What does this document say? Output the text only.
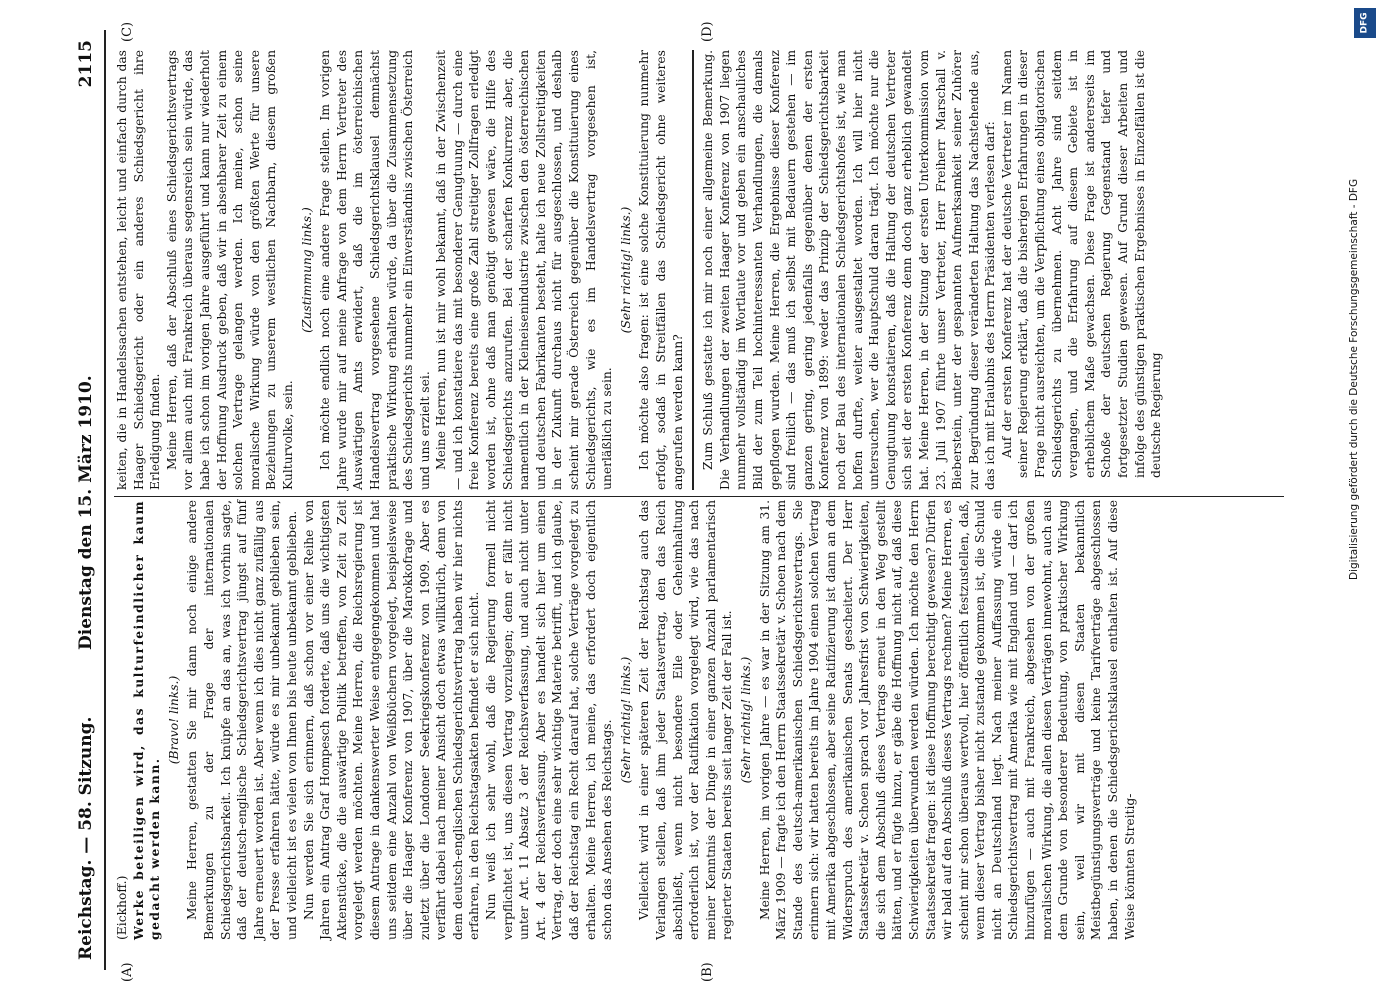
Reichstag. — 58. Sitzung.
Dienstag den 15. März 1910.
2115
(A)	(B)
(C)	(D)

(Eickhoff.) Werke beteiligen wird, das kulturfeindlicher kaum gedacht werden kann.

(Bravo! links.) Meine Herren, gestatten Sie mir dann noch einige andere Bemerkungen zu der Frage der internationalen Schiedsgerichtsbarkeit. Ich knüpfe an das an, was ich vorhin sagte, daß der deutsch-englische Schiedsgerichtsvertrag jüngst auf fünf Jahre erneuert worden ist. Aber wenn ich dies nicht ganz zufällig aus der Presse erfahren hätte, würde es mir unbekannt geblieben sein, und vielleicht ist es vielen von Ihnen bis heute unbekannt geblieben. Nun werden Sie sich erinnern, daß schon vor einer Reihe von Jahren ein Antrag Graf Hompesch forderte, daß uns die wichtigsten Aktenstücke, die die auswärtige Politik betreffen, von Zeit zu Zeit vorgelegt werden möchten. Meine Herren, die Reichsregierung ist diesem Antrage in dankenswerter Weise entgegengekommen und hat uns seitdem eine Anzahl von Weißbüchern vorgelegt, beispielsweise über die Haager Konferenz von 1907, über die Marokkofrage und zuletzt über die Londoner Seekriegskonferenz von 1909. Aber es verfährt dabei nach meiner Ansicht doch etwas willkürlich, denn von dem deutsch-englischen Schiedsgerichtsvertrag haben wir hier nichts erfahren, in den Reichstagsakten befindet er sich nicht. Nun weiß ich sehr wohl, daß die Regierung formell nicht verpflichtet ist, uns diesen Vertrag vorzulegen; denn er fällt nicht unter Art. 11 Absatz 3 der Reichsverfassung, und auch nicht unter Art. 4 der Reichsverfassung. Aber es handelt sich hier um einen Vertrag, der doch eine sehr wichtige Materie betrifft, und ich glaube, daß der Reichstag ein Recht darauf hat, solche Verträge vorgelegt zu erhalten. Meine Herren, ich meine, das erfordert doch eigentlich schon das Ansehen des Reichstags. (Sehr richtig! links.) Vielleicht wird in einer späteren Zeit der Reichstag auch das Verlangen stellen, daß ihm jeder Staatsvertrag, den das Reich abschließt, wenn nicht besondere Eile oder Geheimhaltung erforderlich ist, vor der Ratifikation vorgelegt wird, wie das nach meiner Kenntnis der Dinge in einer ganzen Anzahl parlamentarisch regierter Staaten bereits seit langer Zeit der Fall ist. (Sehr richtig! links.) Meine Herren, im vorigen Jahre — es war in der Sitzung am 31. März 1909 — fragte ich den Herrn Staatssekretär v. Schoen nach dem Stande des deutsch-amerikanischen Schiedsgerichtsvertrags. Sie erinnern sich: wir hatten bereits im Jahre 1904 einen solchen Vertrag mit Amerika abgeschlossen, aber seine Ratifizierung ist dann an dem Widerspruch des amerikanischen Senats gescheitert. Der Herr Staatssekretär v. Schoen sprach vor Jahresfrist von Schwierigkeiten, die sich dem Abschluß dieses Vertrags erneut in den Weg gestellt hätten, und er fügte hinzu, er gäbe die Hoffnung nicht auf, daß diese Schwierigkeiten überwunden werden würden. Ich möchte den Herrn Staatssekretär fragen: ist diese Hoffnung berechtigt gewesen? Dürfen wir bald auf den Abschluß dieses Vertrags rechnen? Meine Herren, es scheint mir schon überaus wertvoll, hier öffentlich festzustellen, daß, wenn dieser Vertrag bisher nicht zustande gekommen ist, die Schuld nicht an Deutschland liegt. Nach meiner Auffassung würde ein Schiedsgerichtsvertrag mit Amerika wie mit England und — darf ich hinzufügen — auch mit Frankreich, abgesehen von der großen moralischen Wirkung, die allen diesen Verträgen innewohnt, auch aus dem Grunde von besonderer Bedeutung, von praktischer Wirkung sein, weil wir mit diesen Staaten bekanntlich Meistbegünstigungsverträge und keine Tarifverträge abgeschlossen haben, in denen die Schiedsgerichtsklausel enthalten ist. Auf diese Weise könnten Streitig-

keiten, die in Handelssachen entstehen, leicht und einfach durch das Haager Schiedsgericht oder ein anderes Schiedsgericht ihre Erledigung finden. Meine Herren, daß der Abschluß eines Schiedsgerichtsvertrags vor allem auch mit Frankreich überaus segensreich sein würde, das habe ich schon im vorigen Jahre ausgeführt und kann nur wiederholt der Hoffnung Ausdruck geben, daß wir in absehbarer Zeit zu einem solchen Vertrage gelangen werden. Ich meine, schon seine moralische Wirkung würde von den größten Werte für unsere Beziehungen zu unserem westlichen Nachbarn, diesem großen Kulturvolke, sein.

(Zustimmung links.) Ich möchte endlich noch eine andere Frage stellen. Im vorigen Jahre wurde mir auf meine Anfrage von dem Herrn Vertreter des Auswärtigen Amts erwidert, daß die im österreichischen Handelsvertrag vorgesehene Schiedsgerichtsklausel demnächst praktische Wirkung erhalten würde, da über die Zusammensetzung des Schiedsgerichts nunmehr ein Einverständnis zwischen Österreich und uns erzielt sei. Meine Herren, nun ist mir wohl bekannt, daß in der Zwischenzeit — und ich konstatiere das mit besonderer Genugtuung — durch eine freie Konferenz bereits eine große Zahl streitiger Zollfragen erledigt worden ist, ohne daß man genötigt gewesen wäre, die Hilfe des Schiedsgerichts anzurufen. Bei der scharfen Konkurrenz aber, die namentlich in der Kleineisenindustrie zwischen den österreichischen und deutschen Fabrikanten besteht, halte ich neue Zollstreitigkeiten in der Zukunft durchaus nicht für ausgeschlossen, und deshalb scheint mir gerade Österreich gegenüber die Konstituierung eines Schiedsgerichts, wie es im Handelsvertrag vorgesehen ist, unerläßlich zu sein.

(Sehr richtig! links.) Ich möchte also fragen: ist eine solche Konstituierung nunmehr erfolgt, sodaß in Streitfällen das Schiedsgericht ohne weiteres angerufen werden kann? Zum Schluß gestatte ich mir noch einer allgemeine Bemerkung. Die Verhandlungen der zweiten Haager Konferenz von 1907 liegen nunmehr vollständig im Wortlaute vor und geben ein anschauliches Bild der zum Teil hochinteressanten Verhandlungen, die damals gepflogen wurden. Meine Herren, die Ergebnisse dieser Konferenz sind freilich — das muß ich selbst mit Bedauern gestehen — im ganzen gering, gering jedenfalls gegenüber denen der ersten Konferenz von 1899: weder das Prinzip der Schiedsgerichtsbarkeit noch der Bau des internationalen Schiedsgerichtshofes ist, wie man hoffen durfte, weiter ausgestaltet worden. Ich will hier nicht untersuchen, wer die Hauptschuld daran trägt. Ich möchte nur die Genugtuung konstatieren, daß die Haltung der deutschen Vertreter sich seit der ersten Konferenz denn doch ganz erheblich gewandelt hat. Meine Herren, in der Sitzung der ersten Unterkommission vom 23. Juli 1907 führte unser Vertreter, Herr Freiherr Marschall v. Bieberstein, unter der gespannten Aufmerksamkeit seiner Zuhörer zur Begründung dieser veränderten Haltung das Nachstehende aus, das ich mit Erlaubnis des Herrn Präsidenten verlesen darf: Auf der ersten Konferenz hat der deutsche Vertreter im Namen seiner Regierung erklärt, daß die bisherigen Erfahrungen in dieser Frage nicht ausreichten, um die Verpflichtung eines obligatorischen Schiedsgerichts zu übernehmen. Acht Jahre sind seitdem vergangen, und die Erfahrung auf diesem Gebiete ist in erheblichem Maße gewachsen. Diese Frage ist andererseits im Schoße der deutschen Regierung Gegenstand tiefer und fortgesetzter Studien gewesen. Auf Grund dieser Arbeiten und infolge des günstigen praktischen Ergebnisses in Einzelfällen ist die deutsche Regierung

DFG
Digitalisierung gefördert durch die Deutsche Forschungsgemeinschaft - DFG
